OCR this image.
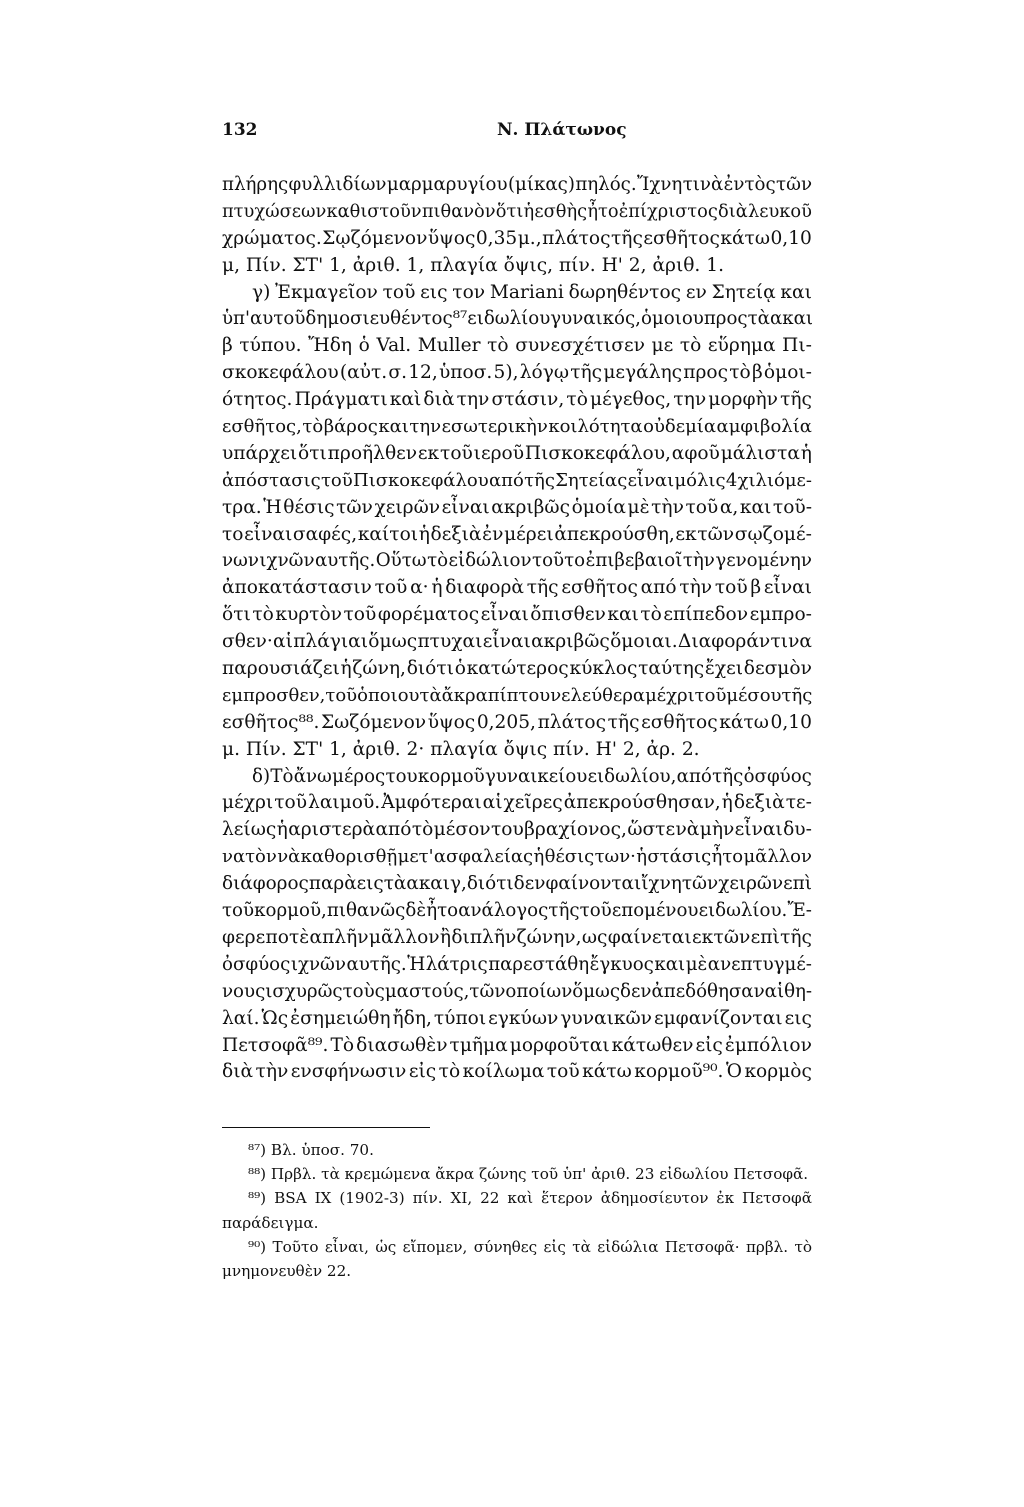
132	Ν. Πλάτωνος
πλήρης φυλλιδίων μαρμαρυγίου (μίκας) πηλός. Ἴχνη τινὰ ἐντὸς τῶν
πτυχώσεων καθιστοῦν πιθανὸν ὅτι ἡ εσθὴς ἦτο ἐπίχριστος διὰ λευκοῦ
χρώματος. Σῳζόμενον ὕψος 0,35 μ., πλάτος τῆς εσθῆτος κάτω 0,10
μ, Πίν. ΣΤ' 1, ἀριθ. 1, πλαγία ὄψις, πίν. Η' 2, ἀριθ. 1.
γ) Ἐκμαγεῖον τοῦ εις τον Mariani δωρηθέντος εν Σητείᾳ και
ὑπ' αυτοῦ δημοσιευθέντος⁸⁷ ειδωλίου γυναικός, ὁμοιου προς τὰ α και
β τύπου. Ἤδη ὁ Val. Muller τὸ συνεσχέτισεν με τὸ εὕρημα Πι-
σκοκεφάλου (αὐτ. σ. 12, ὑποσ. 5), λόγῳ τῆς μεγάλης προς τὸ β ὁμοι-
ότητος. Πράγματι καὶ διὰ την στάσιν, τὸ μέγεθος, την μορφὴν τῆς
εσθῆτος, τὸ βάρος και την εσωτερικὴν κοιλότητα οὐδεμία αμφιβολία
υπάρχει ὅτι προῆλθεν εκ τοῦ ιεροῦ Πισκοκεφάλου, αφοῦ μάλιστα ἡ
ἀπόστασις τοῦ Πισκοκεφάλου από τῆς Σητείας εἶναι μόλις 4 χιλιόμε-
τρα. Ἡ θέσις τῶν χειρῶν εἶναι ακριβῶς ὁμοία μὲ τὴν τοῦ α, και τοῦ-
το εἶναι σαφές, καίτοι ἡ δεξιὰ ἐν μέρει ἀπεκρούσθη, εκ τῶν σῳζομέ-
νων ιχνῶν αυτῆς. Οὕτω τὸ εἰδώλιον τοῦτο ἐπιβεβαιοῖ τὴν γενομένην
ἀποκατάστασιν τοῦ α· ἡ διαφορὰ τῆς εσθῆτος από τὴν τοῦ β εἶναι
ὅτι τὸ κυρτὸν τοῦ φορέματος εἶναι ὄπισθεν και τὸ επίπεδον εμπρο-
σθεν· αἱ πλάγιαι ὅμως πτυχαι εἶναι ακριβῶς ὅμοιαι. Διαφοράν τινα
παρουσιάζει ἡ ζώνη, διότι ὁ κατώτερος κύκλος ταύτης ἔχει δεσμὸν
εμπροσθεν, τοῦ ὁποιου τὰ ἄκρα πίπτουν ελεύθερα μέχρι τοῦ μέσου τῆς
εσθῆτος⁸⁸. Σωζόμενον ὕψος 0,205, πλάτος τῆς εσθῆτος κάτω 0,10
μ. Πίν. ΣΤ' 1, ἀριθ. 2· πλαγία ὄψις πίν. Η' 2, ἀρ. 2.
δ) Τὸ ἄνω μέρος του κορμοῦ γυναικείου ειδωλίου, από τῆς ὀσφύος
μέχρι τοῦ λαιμοῦ. Ἀμφότεραι αἱ χεῖρες ἀπεκρούσθησαν, ἡ δεξιὰ τε-
λείως ἡ αριστερὰ από τὸ μέσον του βραχίονος, ὥστε νὰ μὴν εἶναι δυ-
νατὸν νὰ καθορισθῇ μετ' ασφαλείας ἡ θέσις των· ἡ στάσις ἦτο μᾶλλον
διάφορος παρὰ εις τὰ α και γ, διότι δεν φαίνονται ἴχνη τῶν χειρῶν επὶ
τοῦ κορμοῦ, πιθανῶς δὲ ἦτο ανάλογος τῆς τοῦ επομένου ειδωλίου. Ἔ-
φερε ποτὲ απλῆν μᾶλλον ἢ διπλῆν ζώνην, ως φαίνεται εκ τῶν επὶ τῆς
ὀσφύος ιχνῶν αυτῆς. Ἡ λάτρις παρεστάθη ἔγκυος και μὲ ανεπτυγμέ-
νους ισχυρῶς τοὺς μαστούς, τῶν οποίων ὅμως δεν ἀπεδόθησαν αἱ θη-
λαί. Ὡς ἐσημειώθη ἤδη, τύποι εγκύων γυναικῶν εμφανίζονται εις
Πετσοφᾶ⁸⁹. Τὸ διασωθὲν τμῆμα μορφοῦται κάτωθεν εἰς ἐμπόλιον
διὰ τὴν ενσφήνωσιν εἰς τὸ κοίλωμα τοῦ κάτω κορμοῦ⁹⁰. Ὁ κορμὸς
⁸⁷) Βλ. ὑποσ. 70.
⁸⁸) Πρβλ. τὰ κρεμώμενα ἄκρα ζώνης τοῦ ὑπ' ἀριθ. 23 εἰδωλίου Πετσοφᾶ.
⁸⁹) BSA IX (1902-3) πίν. XI, 22 καὶ ἕτερον ἀδημοσίευτον ἐκ Πετσοφᾶ
παράδειγμα.
⁹⁰) Τοῦτο εἶναι, ὡς εἴπομεν, σύνηθες εἰς τὰ εἰδώλια Πετσοφᾶ· πρβλ. τὸ
μνημονευθὲν 22.
